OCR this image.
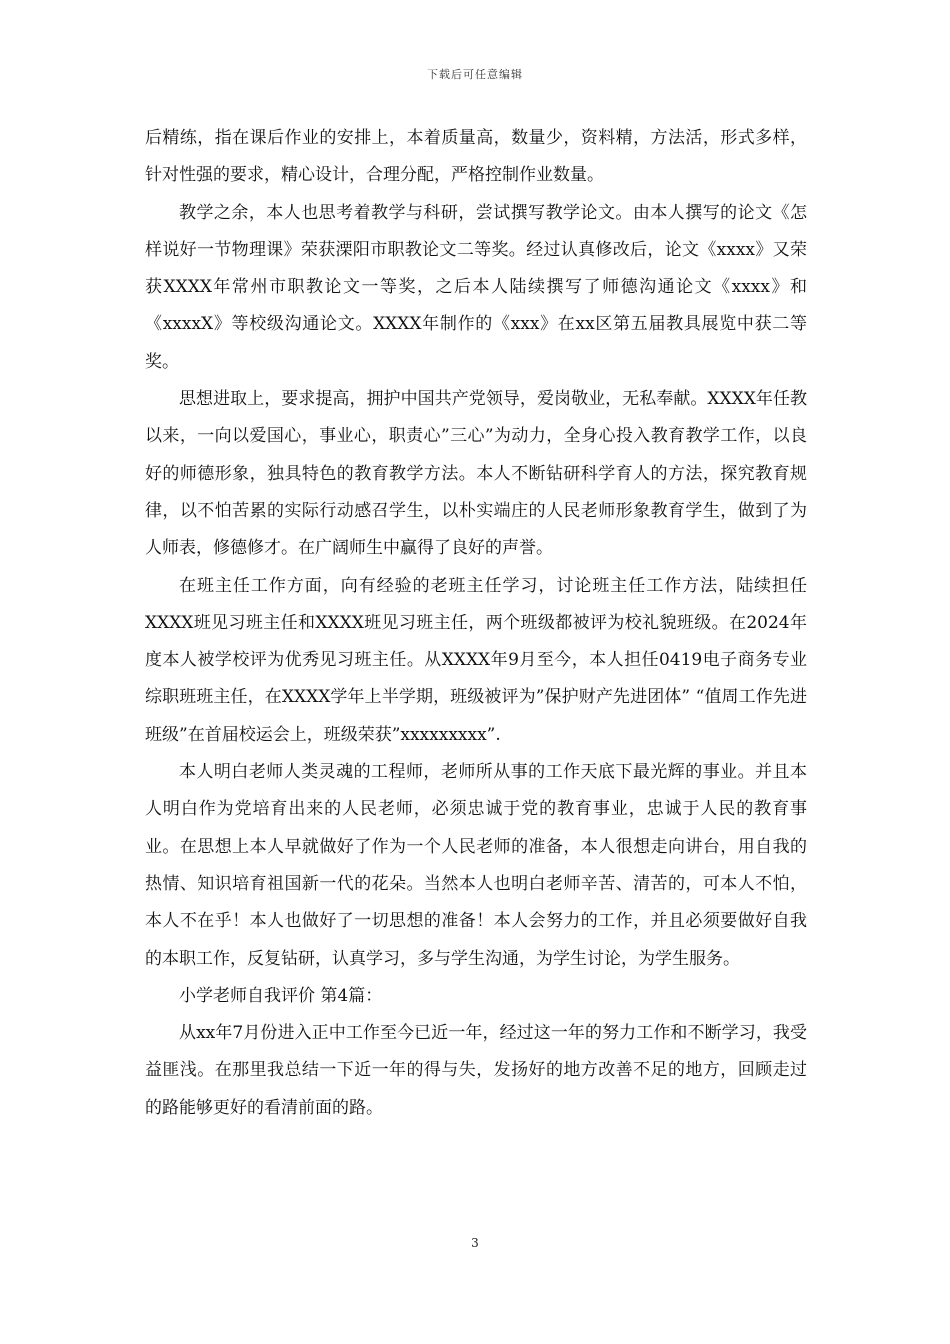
下载后可任意编辑

后精练，指在课后作业的安排上，本着质量高，数量少，资料精，方法活，形式多样，针对性强的要求，精心设计，合理分配，严格控制作业数量。

教学之余，本人也思考着教学与科研，尝试撰写教学论文。由本人撰写的论文《怎样说好一节物理课》荣获溧阳市职教论文二等奖。经过认真修改后，论文《xxxx》又荣获XXXX年常州市职教论文一等奖，之后本人陆续撰写了师德沟通论文《xxxx》和《xxxxX》等校级沟通论文。XXXX年制作的《xxx》在xx区第五届教具展览中获二等奖。

思想进取上，要求提高，拥护中国共产党领导，爱岗敬业，无私奉献。XXXX年任教以来，一向以爱国心，事业心，职责心”三心”为动力，全身心投入教育教学工作，以良好的师德形象，独具特色的教育教学方法。本人不断钻研科学育人的方法，探究教育规律，以不怕苦累的实际行动感召学生，以朴实端庄的人民老师形象教育学生，做到了为人师表，修德修才。在广阔师生中赢得了良好的声誉。

在班主任工作方面，向有经验的老班主任学习，讨论班主任工作方法，陆续担任XXXX班见习班主任和XXXX班见习班主任，两个班级都被评为校礼貌班级。在2024年度本人被学校评为优秀见习班主任。从XXXX年9月至今，本人担任0419电子商务专业综职班班主任，在XXXX学年上半学期，班级被评为”保护财产先进团体” “值周工作先进班级”在首届校运会上，班级荣获”xxxxxxxxx”.

本人明白老师人类灵魂的工程师，老师所从事的工作天底下最光辉的事业。并且本人明白作为党培育出来的人民老师，必须忠诚于党的教育事业，忠诚于人民的教育事业。在思想上本人早就做好了作为一个人民老师的准备，本人很想走向讲台，用自我的热情、知识培育祖国新一代的花朵。当然本人也明白老师辛苦、清苦的，可本人不怕，本人不在乎！本人也做好了一切思想的准备！本人会努力的工作，并且必须要做好自我的本职工作，反复钻研，认真学习，多与学生沟通，为学生讨论，为学生服务。

小学老师自我评价 第4篇：

从xx年7月份进入正中工作至今已近一年，经过这一年的努力工作和不断学习，我受益匪浅。在那里我总结一下近一年的得与失，发扬好的地方改善不足的地方，回顾走过的路能够更好的看清前面的路。

3
